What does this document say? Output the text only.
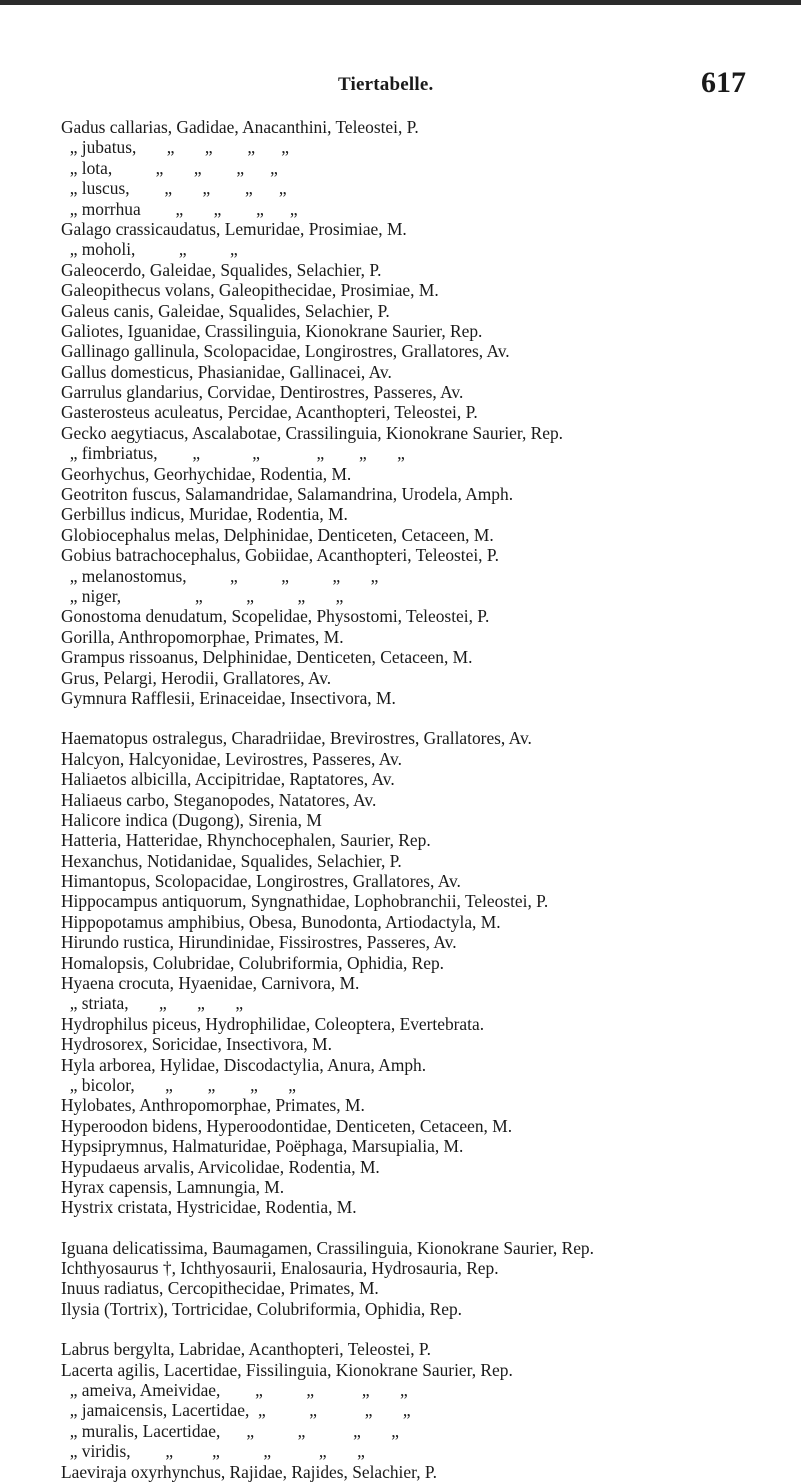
Tiertabelle.	617
Gadus callarias, Gadidae, Anacanthini, Teleostei, P.
„ jubatus,       „       „        „      „
„ lota,          „       „        „      „
„ luscus,        „       „        „      „
„ morrhua        „       „        „      „
Galago crassicaudatus, Lemuridae, Prosimiae, M.
„ moholi,          „          „
Galeocerdo, Galeidae, Squalides, Selachier, P.
Galeopithecus volans, Galeopithecidae, Prosimiae, M.
Galeus canis, Galeidae, Squalides, Selachier, P.
Galiotes, Iguanidae, Crassilinguia, Kionokrane Saurier, Rep.
Gallinago gallinula, Scolopacidae, Longirostres, Grallatores, Av.
Gallus domesticus, Phasianidae, Gallinacei, Av.
Garrulus glandarius, Corvidae, Dentirostres, Passeres, Av.
Gasterosteus aculeatus, Percidae, Acanthopteri, Teleostei, P.
Gecko aegytiacus, Ascalabotae, Crassilinguia, Kionokrane Saurier, Rep.
„ fimbriatus,        „            „             „        „       „
Georhychus, Georhychidae, Rodentia, M.
Geotriton fuscus, Salamandridae, Salamandrina, Urodela, Amph.
Gerbillus indicus, Muridae, Rodentia, M.
Globiocephalus melas, Delphinidae, Denticeten, Cetaceen, M.
Gobius batrachocephalus, Gobiidae, Acanthopteri, Teleostei, P.
„ melanostomus,          „          „          „       „
„ niger,                 „          „          „       „
Gonostoma denudatum, Scopelidae, Physostomi, Teleostei, P.
Gorilla, Anthropomorphae, Primates, M.
Grampus rissoanus, Delphinidae, Denticeten, Cetaceen, M.
Grus, Pelargi, Herodii, Grallatores, Av.
Gymnura Rafflesii, Erinaceidae, Insectivora, M.
Haematopus ostralegus, Charadriidae, Brevirostres, Grallatores, Av.
Halcyon, Halcyonidae, Levirostres, Passeres, Av.
Haliaetos albicilla, Accipitridae, Raptatores, Av.
Haliaeus carbo, Steganopodes, Natatores, Av.
Halicore indica (Dugong), Sirenia, M
Hatteria, Hatteridae, Rhynchocephalen, Saurier, Rep.
Hexanchus, Notidanidae, Squalides, Selachier, P.
Himantopus, Scolopacidae, Longirostres, Grallatores, Av.
Hippocampus antiquorum, Syngnathidae, Lophobranchii, Teleostei, P.
Hippopotamus amphibius, Obesa, Bunodonta, Artiodactyla, M.
Hirundo rustica, Hirundinidae, Fissirostres, Passeres, Av.
Homalopsis, Colubridae, Colubriformia, Ophidia, Rep.
Hyaena crocuta, Hyaenidae, Carnivora, M.
„ striata,       „       „       „
Hydrophilus piceus, Hydrophilidae, Coleoptera, Evertebrata.
Hydrosorex, Soricidae, Insectivora, M.
Hyla arborea, Hylidae, Discodactylia, Anura, Amph.
„ bicolor,       „        „        „       „
Hylobates, Anthropomorphae, Primates, M.
Hyperoodon bidens, Hyperoodontidae, Denticeten, Cetaceen, M.
Hypsiprymnus, Halmaturidae, Poëphaga, Marsupialia, M.
Hypudaeus arvalis, Arvicolidae, Rodentia, M.
Hyrax capensis, Lamnungia, M.
Hystrix cristata, Hystricidae, Rodentia, M.
Iguana delicatissima, Baumagamen, Crassilinguia, Kionokrane Saurier, Rep.
Ichthyosaurus †, Ichthyosaurii, Enalosauria, Hydrosauria, Rep.
Inuus radiatus, Cercopithecidae, Primates, M.
Ilysia (Tortrix), Tortricidae, Colubriformia, Ophidia, Rep.
Labrus bergylta, Labridae, Acanthopteri, Teleostei, P.
Lacerta agilis, Lacertidae, Fissilinguia, Kionokrane Saurier, Rep.
„ ameiva, Ameividae,        „          „           „       „
„ jamaicensis, Lacertidae,  „          „           „       „
„ muralis, Lacertidae,      „          „           „       „
„ viridis,        „         „          „           „       „
Laeviraja oxyrhynchus, Rajidae, Rajides, Selachier, P.
